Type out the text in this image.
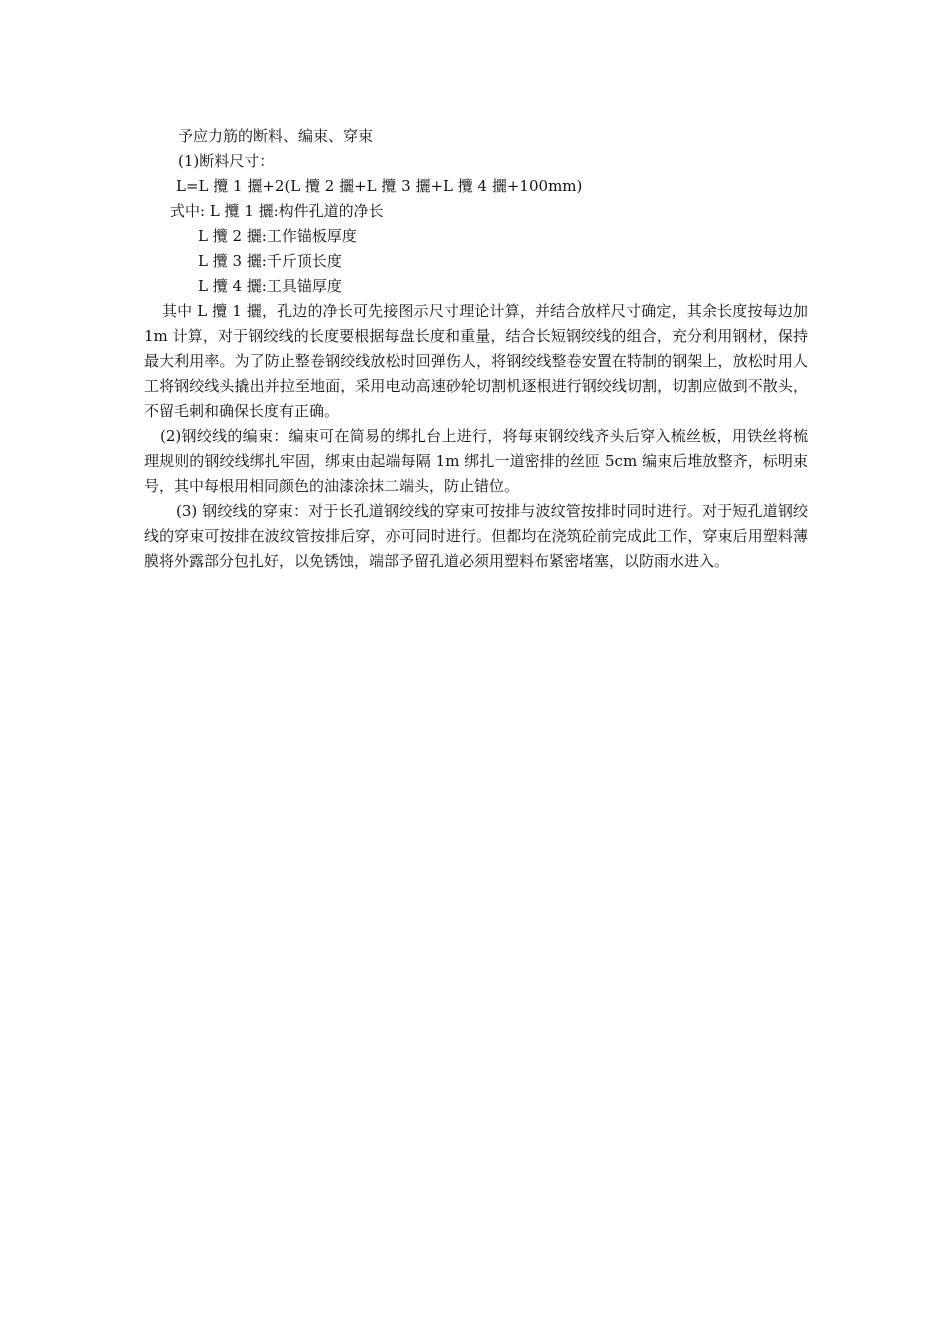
予应力筋的断料、编束、穿束

(1)断料尺寸：

L=L 攬 1 攦+2(L 攬 2 攦+L 攬 3 攦+L 攬 4 攦+100mm)

式中: L 攬 1 攦:构件孔道的净长

L 攬 2 攦:工作锚板厚度

L 攬 3 攦:千斤顶长度

L 攬 4 攦:工具锚厚度

其中 L 攬 1 攦，孔边的净长可先接图示尺寸理论计算，并结合放样尺寸确定，其余长度按每边加 1m 计算，对于钢绞线的长度要根据每盘长度和重量，结合长短钢绞线的组合，充分利用钢材，保持最大利用率。为了防止整卷钢绞线放松时回弹伤人，将钢绞线整卷安置在特制的钢架上，放松时用人工将钢绞线头撬出并拉至地面，采用电动高速砂轮切割机逐根进行钢绞线切割，切割应做到不散头，不留毛刺和确保长度有正确。

(2)钢绞线的编束：编束可在简易的绑扎台上进行，将每束钢绞线齐头后穿入梳丝板，用铁丝将梳理规则的钢绞线绑扎牢固，绑束由起端每隔 1m 绑扎一道密排的丝匝 5cm 编束后堆放整齐，标明束号，其中每根用相同颜色的油漆涂抹二端头，防止错位。

(3) 钢绞线的穿束：对于长孔道钢绞线的穿束可按排与波纹管按排时同时进行。对于短孔道钢绞线的穿束可按排在波纹管按排后穿，亦可同时进行。但都均在浇筑砼前完成此工作，穿束后用塑料薄膜将外露部分包扎好，以免锈蚀，端部予留孔道必须用塑料布紧密堵塞，以防雨水进入。
